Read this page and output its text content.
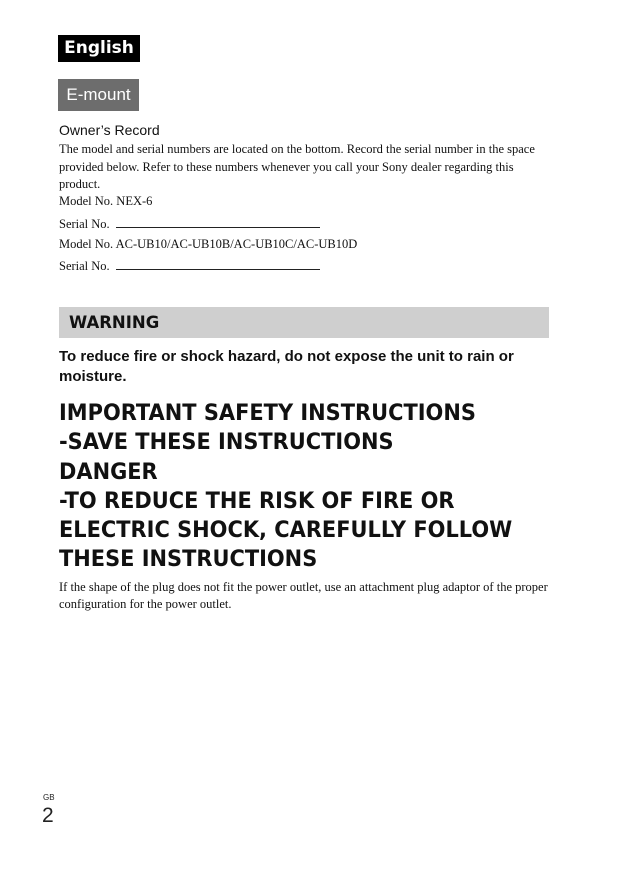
English
E-mount
Owner’s Record
The model and serial numbers are located on the bottom. Record the serial number in the space provided below. Refer to these numbers whenever you call your Sony dealer regarding this product.
Model No. NEX-6
Serial No.
Model No. AC-UB10/AC-UB10B/AC-UB10C/AC-UB10D
Serial No.
WARNING
To reduce fire or shock hazard, do not expose the unit to rain or moisture.
IMPORTANT SAFETY INSTRUCTIONS
-SAVE THESE INSTRUCTIONS
DANGER
-TO REDUCE THE RISK OF FIRE OR
ELECTRIC SHOCK, CAREFULLY FOLLOW
THESE INSTRUCTIONS
If the shape of the plug does not fit the power outlet, use an attachment plug adaptor of the proper configuration for the power outlet.
GB
2
